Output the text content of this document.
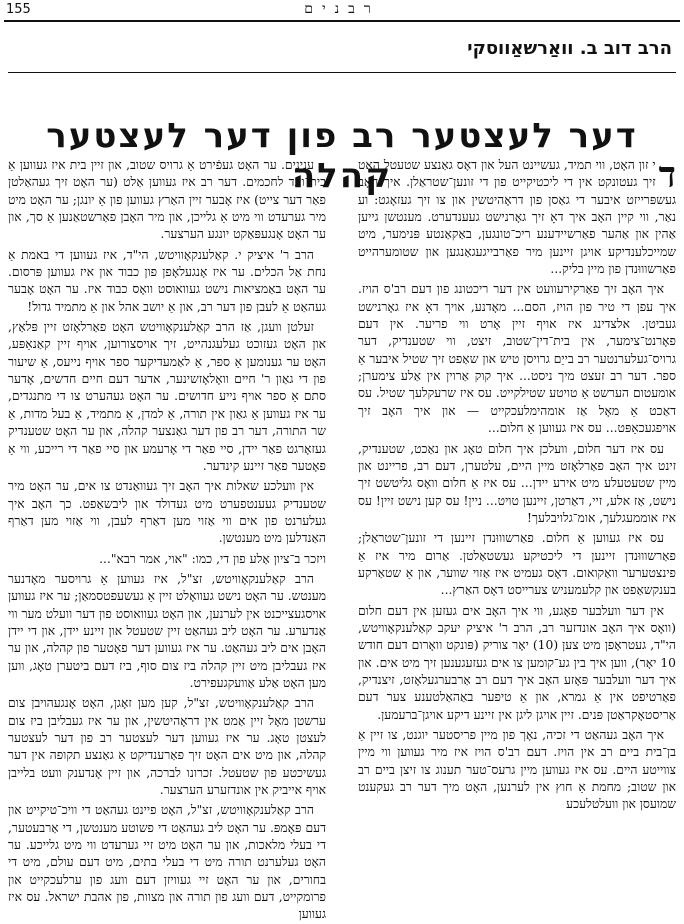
155	רבנים
הרב דוב ב. וואַרשאַווסקי
דער לעצטער רב פון דער לעצטער קהלה	ד
י זון האָט, ווי תמיד, געשיינט העל און דאָס גאַנצע שטעטל האָט זיך געטונקט אין די ליכטיקייט פון די זונען־שטראַלן. איך האָב געשפּרייזט איבער די גאַסן פון דראָהיטשין און צו זיך געזאָגט: וע נאַר, ווי קיין האָב איך דאָ זיך גאָרנישט געענדערט. מענטשן גייען אַהין און אַהער פאַרשיידענע ריכ־טונגען, באַקאַנטע פּנימער, מיט שמייכלענדיקע אויגן זיינען מיר פאַרבייגעגאַנגען און שטומערהייט פאַרשוווּנדן פון מיין בליק...

איך האָב זיך פאַרקירעוועט אין דער ריכטונג פון דעם רב'ס הויז. איך עפן די טיר פון הויז, הסם... מאָדנע, אויך דאָ איז גאָרנישט געביטן. אלצדינג איז אויף זיין אָרט ווי פריער. אין דעם פאָרנט־צימער, אין בית־דין־שטוב, זיצט, ווי שטענדיק, דער גרויס־געלערנטער רב בייַם גרויסן טיש און שאַפט זיך שטיל איבער אַ ספר. דער רב זעצט מיך ניסט... איך קוק אַרוין אין אַלע צימערן; אומעטום הערשט אַ טויטע שטילקייט. עס איז שרעקלעך שטיל. עס דאַכט אַ מאָל אַז אומהימלעכקייט — און איך האָב זיך אויפגעכאַפּט... עס איז געווען אַ חלום...

עס איז דער חלום, וועלכן איך חלום טאָג און נאַכט, שטענדיק, זינט איך האָב פאַרלאָזט מיין היים, עלטערן, דעם רב, פריינט און מיין שטעטעלע מיט אירע יידן... עס איז אַ חלום וואָס גליטשט זיך נישט, אַז אלע, זיי, דאַרטן, זיינען טויט... ניין! עס קען נישט זיין! עס איז אוממעגלעך, אומ־גלויבלעך!

עס איז געווען אַ חלום. פאַרשוווּנדן זיינען די זונען־שטראַלן; פאַרשוווּנדן זיינען די ליכטיקע געשטאַלטן. אַרום מיר איז אַ פינצטערער וואַקואום. דאָס געמיט איז אַזוי שווער, און אַ שטאַרקע בענקשאַפט און קלעמעניש צערייסט דאָס האַרץ...

אין דער וועלבער פאָגע, ווי איך האָב אים געזען אין דעם חלום (וואָס איך האָב אונדזער רב, הרב ר' איציק יעקב קאַלענקאָוויטש, הי"ד, געטראָפן מיט צען (10) יאָר צוריק (פּונקט וואָרום דעם חודש 10 יאָר), ווען איך בין גע־קומען צו אים געזעגענען זיך מיט אים. און איך דער וועלבער פּאָזע האָב איך דעם רב אַרבערגעלאָזט, זיצנדיק, פאַרטיפט אין אַ גמרא, און אַ טיפער באַהאַלטענע צער דעם אַריסטאָקראַטן פּנים. זיין אויגן ליגן אין זיינע דיקע אויגן־ברעמען.

איך האָב געהאַט די זכיה, נאָך פון מיין פריסטער יוגנט, צו זיין אַ בן־בית ביים רב אין הויז. דעם רב'ס הויז איז מיר געווען ווי מיין צווייטע היים. עס איז געווען מיין גרעס־טער תענוג צו זיצן ביים רב און שטוב; מחמת אַ חוץ אין לערנען, האָט מיך דער רב געקענט שמועסן און וועלטלעכע

ענינים. ער האָט געפֿירט אַ גרויס שטוב, און זיין בית איז געווען אַ בית־ועד לחכמים. דער רב איז געווען אַלט (ער האָט זיך געהאַלטן פאַר דער צייט) איז אָבער זיין האַרץ געווען פון אַ יונגן; ער האָט מיט מיר גערעדט ווי מיט אַ גלייכן, און מיר האָבן פאַרשטאַנען אַ סך, און ער האָט אָנגעפּאַקט יונגע הערצער.

הרב ר' איציק י. קאַלענקאָוויטש, הי"ד, איז געווען די באמת אַ נחת אַל הכלים. ער איז אָנגעלאָפן פון כבוד און איז געווען פּרסום. ער האָט באַמציאות נישט געוואוסט וואָס כבוד איז. ער האָט אָבער געהאַט אַ לעבן פון דער רב, און אַ יושב אהל און אַ מתמיד גדול!

זעלטן וועגן, אַז הרב קאַלענקאָוויטש האָט פאַרלאָזט זיין פּלאַץ, און האָט געזוכט געלעגנהייט, זיך אויסצורוען, אויף זיין קאַנאַפּע, האָט ער גענומען אַ ספר, אַ לאַמעדיקער ספר אויף נייעס, אַ שיעור פון די גאַון ר' חיים וואָלאָזשינער, אדער דעם חיים חדשים, אָדער סתם אַ ספר אויף נייע חדושים. ער האָט געהערט צו די מתנגדים, ער איז געווען אַ גאַון אין תורה, אַ למדן, אַ מתמיד, אַ בעל מדות, אַ שר התורה, דער רב פון דער גאַנצער קהלה, און ער האָט שטענדיק געזאָרגט פאַר יידן, סיי פאַר די אָרעמע און סיי פאַר די רייכע, ווי אַ פאָטער פאַר זיינע קינדער.

אין וועלכע שאלות איך האָב זיך געוואַנדט צו אים, ער האָט מיר שטענדיק געענטפערט מיט געדולד און ליבשאַפט. כך האָב איך געלערנט פון אים ווי אַזוי מען דאַרף לעבן, ווי אַזוי מען דאַרף האַנדלען מיט מענטשן.

ויזכר ב־ציון אַלע פון די, כמו: "אוי, אמר רבא"...

הרב קאַלענקאָוויטש, זצ"ל, איז געווען אַ גרויסער מאָדנער מענטש. ער האָט נישט געוואָלט זיין אַ געשעפטסמאַן; ער איז געווען אויסגעצייכנט אין לערנען, און האָט געוואוסט פון דער וועלט מער ווי אַנדערע. ער האָט ליב געהאַט זיין שטעטל און זיינע יידן, און די יידן האָבן אים ליב געהאַט. ער איז געווען דער פאָטער פון קהלה, און ער איז געבליבן מיט זיין קהלה ביז צום סוף, ביז דעם ביטערן טאָג, ווען מען האָט אַלע אַוועקגעפירט.

הרב קאַלענקאָוויטש, זצ"ל, קען מען זאָגן, האָט אָנגעהויבן צום ערשטן מאָל זיין אַמט אין דראָהיטשין, און ער איז געבליבן ביז צום לעצטן טאָג. ער איז געווען דער לעצטער רב פון דער לעצטער קהלה, און מיט אים האָט זיך פאַרענדיקט אַ גאַנצע תקופה אין דער געשיכטע פון שטעטל. זכרונו לברכה, און זיין אָנדענק וועט בלייבן אויף אייביק אין אונדזערע הערצער.

הרב קאַלענקאָוויטש, זצ"ל, האָט פיינט געהאַט די וויכ־טיקייט און דעם פּאָמפּ. ער האָט ליב געהאַט די פשוטע מענטשן, די אַרבעטער, די בעלי מלאכות, און ער האָט מיט זיי גערעדט ווי מיט גלייכע. ער האָט געלערנט תורה מיט די בעלי בתים, מיט דעם עולם, מיט די בחורים, און ער האָט זיי געוויזן דעם וועג פון ערלעכקייט און פרומקייט, דעם וועג פון תורה און מצוות, פון אהבת ישראל. עס איז געווען
